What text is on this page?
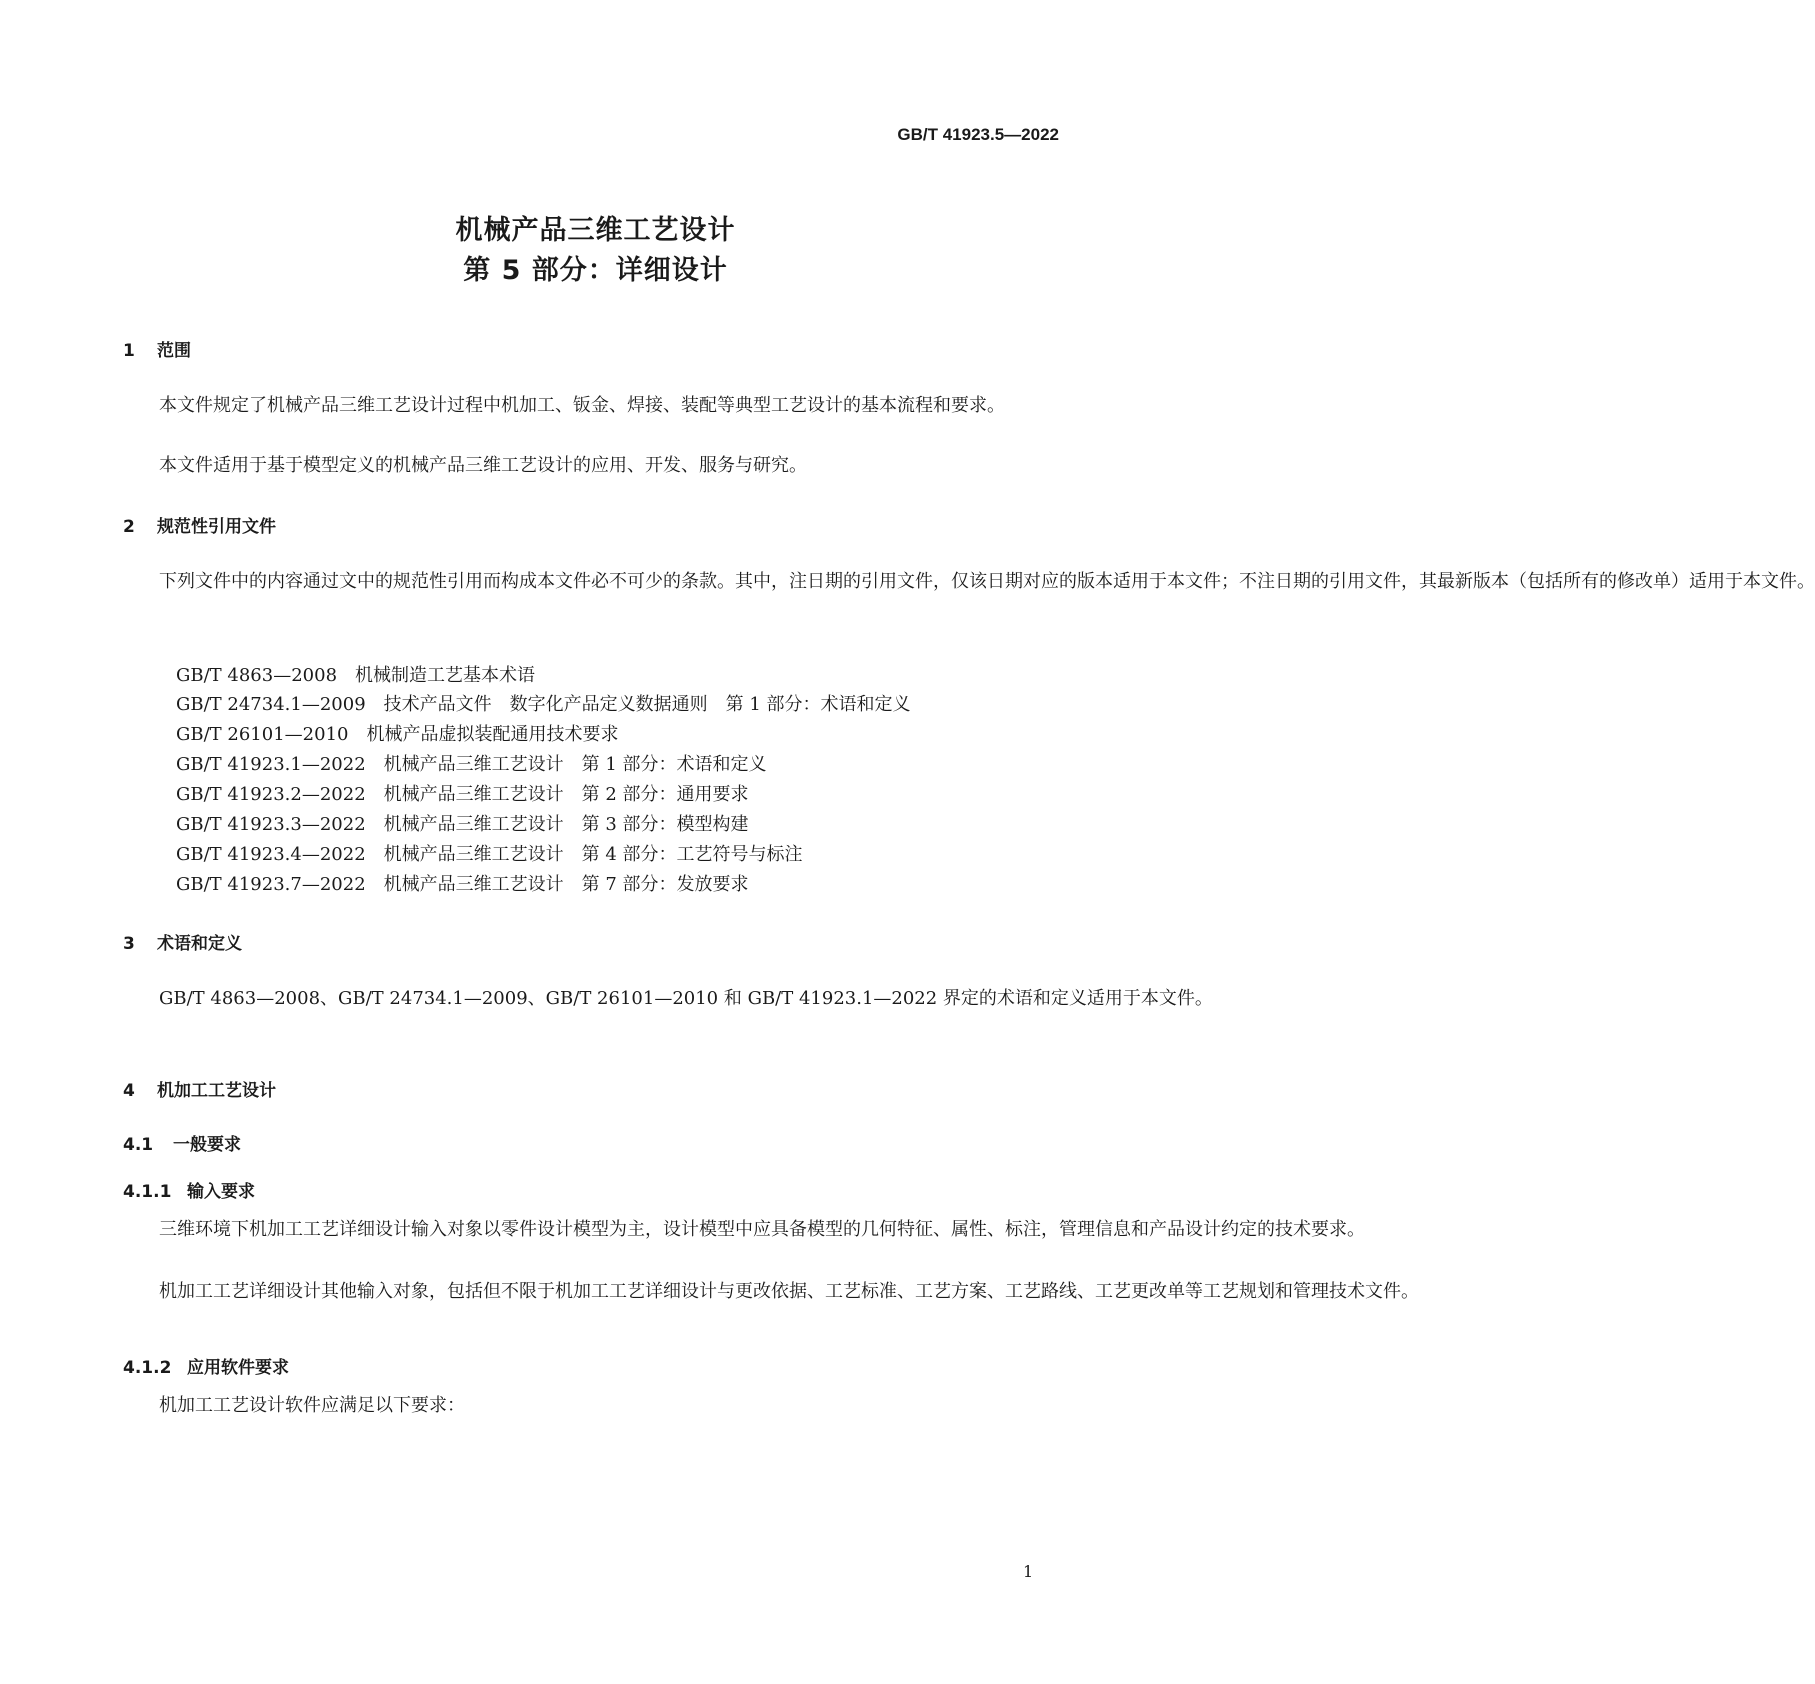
GB/T 41923.5—2022
机械产品三维工艺设计
第 5 部分：详细设计
1 范围
本文件规定了机械产品三维工艺设计过程中机加工、钣金、焊接、装配等典型工艺设计的基本流程和要求。
本文件适用于基于模型定义的机械产品三维工艺设计的应用、开发、服务与研究。
2 规范性引用文件
下列文件中的内容通过文中的规范性引用而构成本文件必不可少的条款。其中，注日期的引用文件，仅该日期对应的版本适用于本文件；不注日期的引用文件，其最新版本（包括所有的修改单）适用于本文件。
GB/T 4863—2008　机械制造工艺基本术语
GB/T 24734.1—2009　技术产品文件　数字化产品定义数据通则　第 1 部分：术语和定义
GB/T 26101—2010　机械产品虚拟装配通用技术要求
GB/T 41923.1—2022　机械产品三维工艺设计　第 1 部分：术语和定义
GB/T 41923.2—2022　机械产品三维工艺设计　第 2 部分：通用要求
GB/T 41923.3—2022　机械产品三维工艺设计　第 3 部分：模型构建
GB/T 41923.4—2022　机械产品三维工艺设计　第 4 部分：工艺符号与标注
GB/T 41923.7—2022　机械产品三维工艺设计　第 7 部分：发放要求
3 术语和定义
GB/T 4863—2008、GB/T 24734.1—2009、GB/T 26101—2010 和 GB/T 41923.1—2022 界定的术语和定义适用于本文件。
4 机加工工艺设计
4.1 一般要求
4.1.1 输入要求
三维环境下机加工工艺详细设计输入对象以零件设计模型为主，设计模型中应具备模型的几何特征、属性、标注，管理信息和产品设计约定的技术要求。
机加工工艺详细设计其他输入对象，包括但不限于机加工工艺详细设计与更改依据、工艺标准、工艺方案、工艺路线、工艺更改单等工艺规划和管理技术文件。
4.1.2 应用软件要求
机加工工艺设计软件应满足以下要求：
1
